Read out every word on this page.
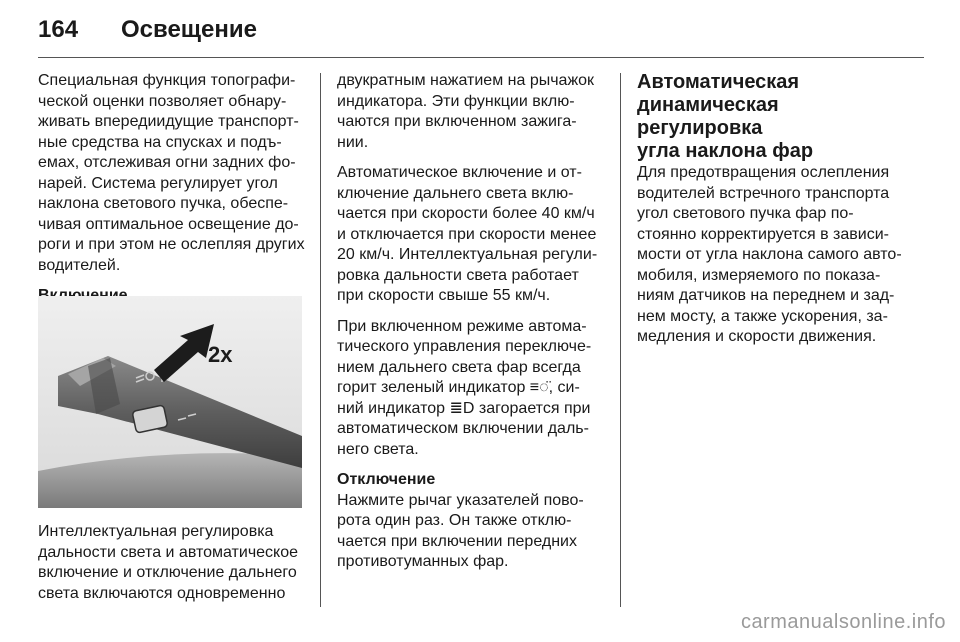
164 Освещение

Специальная функция топографи-
ческой оценки позволяет обнару-
живать впередиидущие транспорт-
ные средства на спусках и подъ-
емах, отслеживая огни задних фо-
нарей. Система регулирует угол
наклона светового пучка, обеспе-
чивая оптимальное освещение до-
роги и при этом не ослепляя других
водителей.

2x
Интеллектуальная регулировка
дальности света и автоматическое
включение и отключение дальнего
света включаются одновременно

двукратным нажатием на рычажок
индикатора. Эти функции вклю-
чаются при включенном зажига-
нии.

Автоматическое включение и от-
ключение дальнего света вклю-
чается при скорости более 40 км/ч
и отключается при скорости менее
20 км/ч. Интеллектуальная регули-
ровка дальности света работает
при скорости свыше 55 км/ч.

При включенном режиме автома-
тического управления переключе-
нием дальнего света фар всегда
горит зеленый индикатор ≡◌̈, си-
ний индикатор ≣D загорается при
автоматическом включении даль-
него света.

Отключение

Нажмите рычаг указателей пово-
рота один раз. Он также отклю-
чается при включении передних
противотуманных фар.

Автоматическая
динамическая регулировка
угла наклона фар

Для предотвращения ослепления
водителей встречного транспорта
угол светового пучка фар по-
стоянно корректируется в зависи-
мости от угла наклона самого авто-
мобиля, измеряемого по показа-
ниям датчиков на переднем и зад-
нем мосту, а также ускорения, за-
медления и скорости движения.

carmanualsonline.info
